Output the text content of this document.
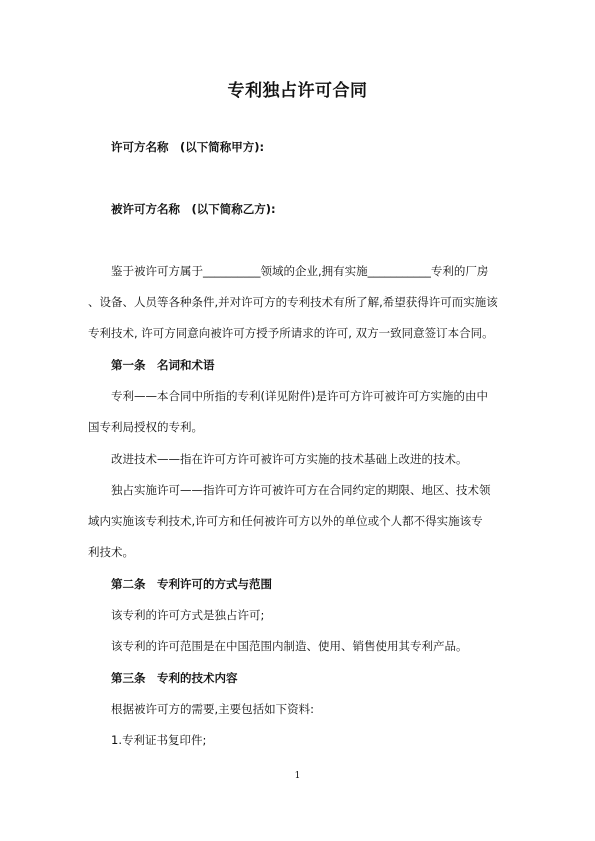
专利独占许可合同
许可方名称　(以下简称甲方):
被许可方名称　(以下简称乙方):
鉴于被许可方属于__________领域的企业,拥有实施___________专利的厂房
、设备、人员等各种条件,并对许可方的专利技术有所了解,希望获得许可而实施该
专利技术, 许可方同意向被许可方授予所请求的许可, 双方一致同意签订本合同。
第一条　名词和术语
专利——本合同中所指的专利(详见附件)是许可方许可被许可方实施的由中
国专利局授权的专利。
改进技术——指在许可方许可被许可方实施的技术基础上改进的技术。
独占实施许可——指许可方许可被许可方在合同约定的期限、地区、技术领
域内实施该专利技术,许可方和任何被许可方以外的单位或个人都不得实施该专
利技术。
第二条　专利许可的方式与范围
该专利的许可方式是独占许可;
该专利的许可范围是在中国范围内制造、使用、销售使用其专利产品。
第三条　专利的技术内容
根据被许可方的需要,主要包括如下资料:
1.专利证书复印件;
1
